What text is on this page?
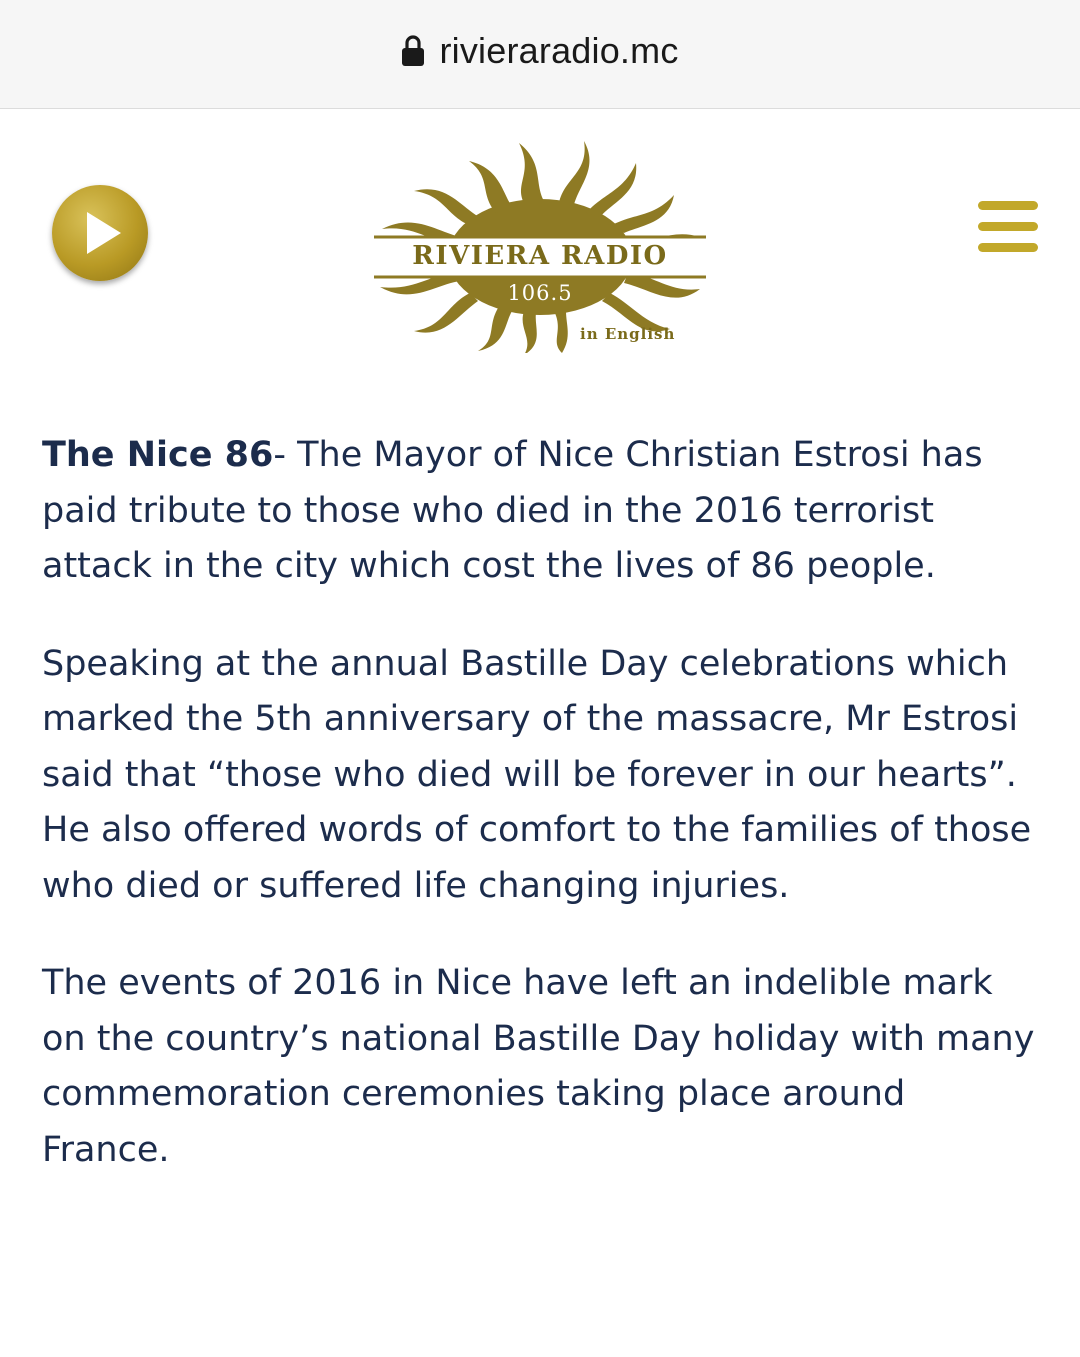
rivieraradio.mc
RIVIERA RADIO
106.5
in English

The Nice 86- The Mayor of Nice Christian Estrosi has paid tribute to those who died in the 2016 terrorist attack in the city which cost the lives of 86 people.

Speaking at the annual Bastille Day celebrations which marked the 5th anniversary of the massacre, Mr Estrosi said that “those who died will be forever in our hearts”. He also offered words of comfort to the families of those who died or suffered life changing injuries.

The events of 2016 in Nice have left an indelible mark on the country’s national Bastille Day holiday with many commemoration ceremonies taking place around France.
